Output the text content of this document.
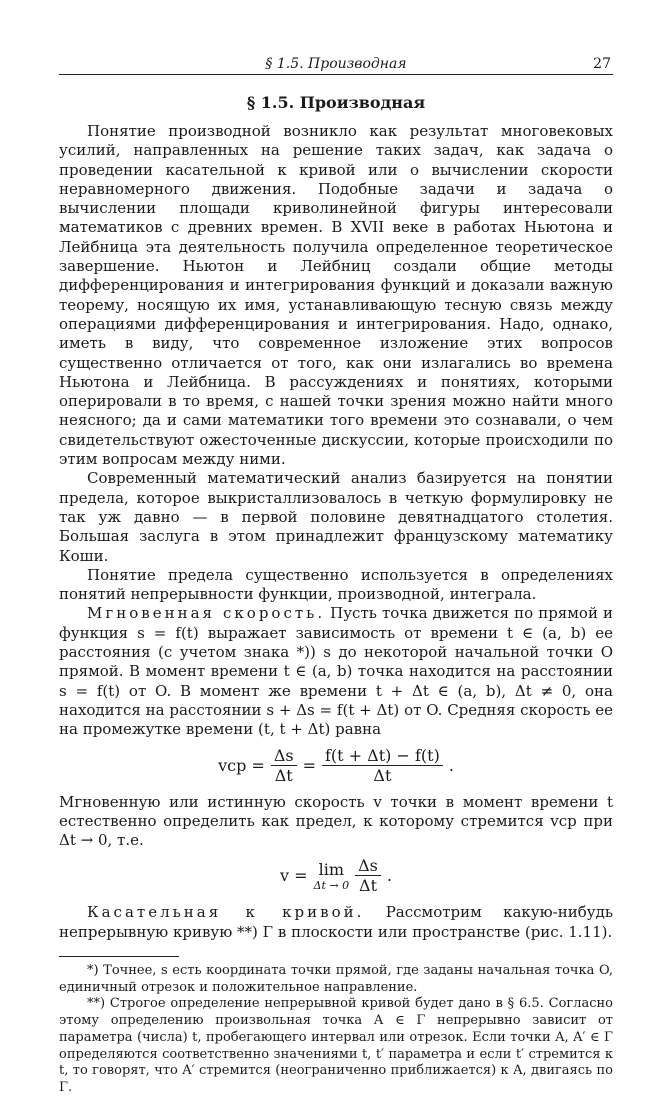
§ 1.5. Производная	27
§ 1.5. Производная

Понятие производной возникло как результат многовековых усилий, направленных на решение таких задач, как задача о проведении касательной к кривой или о вычислении скорости неравномерного движения. Подобные задачи и задача о вычислении площади криволинейной фигуры интересовали математиков с древних времен. В XVII веке в работах Ньютона и Лейбница эта деятельность получила определенное теоретическое завершение. Ньютон и Лейбниц создали общие методы дифференцирования и интегрирования функций и доказали важную теорему, носящую их имя, устанавливающую тесную связь между операциями дифференцирования и интегрирования. Надо, однако, иметь в виду, что современное изложение этих вопросов существенно отличается от того, как они излагались во времена Ньютона и Лейбница. В рассуждениях и понятиях, которыми оперировали в то время, с нашей точки зрения можно найти много неясного; да и сами математики того времени это сознавали, о чем свидетельствуют ожесточенные дискуссии, которые происходили по этим вопросам между ними.

Современный математический анализ базируется на понятии предела, которое выкристаллизовалось в четкую формулировку не так уж давно — в первой половине девятнадцатого столетия. Большая заслуга в этом принадлежит французскому математику Коши.

Понятие предела существенно используется в определениях понятий непрерывности функции, производной, интеграла.

Мгновенная скорость. Пусть точка движется по прямой и функция s = f(t) выражает зависимость от времени t ∈ (a, b) ее расстояния (с учетом знака *)) s до некоторой начальной точки O прямой. В момент времени t ∈ (a, b) точка находится на расстоянии s = f(t) от O. В момент же времени t + Δt ∈ (a, b), Δt ≠ 0, она находится на расстоянии s + Δs = f(t + Δt) от O. Средняя скорость ее на промежутке времени (t, t + Δt) равна

vср = $\frac{\Delta s}{\Delta t} = \frac{f(t + \Delta t) - f(t)}{\Delta t}$ .

Мгновенную или истинную скорость v точки в момент времени t естественно определить как предел, к которому стремится vср при Δt → 0, т.е.

v = lim
$\Delta t \to 0 \frac{\Delta s}{\Delta t}$ .

Касательная к кривой. Рассмотрим какую-нибудь непрерывную кривую **) Γ в плоскости или пространстве (рис. 1.11).

*) Точнее, s есть координата точки прямой, где заданы начальная точка O, единичный отрезок и положительное направление.

**) Строгое определение непрерывной кривой будет дано в § 6.5. Согласно этому определению произвольная точка A ∈ Γ непрерывно зависит от параметра (числа) t, пробегающего интервал или отрезок. Если точки A, A′ ∈ Γ определяются соответственно значениями t, t′ параметра и если t′ стремится к t, то говорят, что A′ стремится (неограниченно приближается) к A, двигаясь по Γ.
